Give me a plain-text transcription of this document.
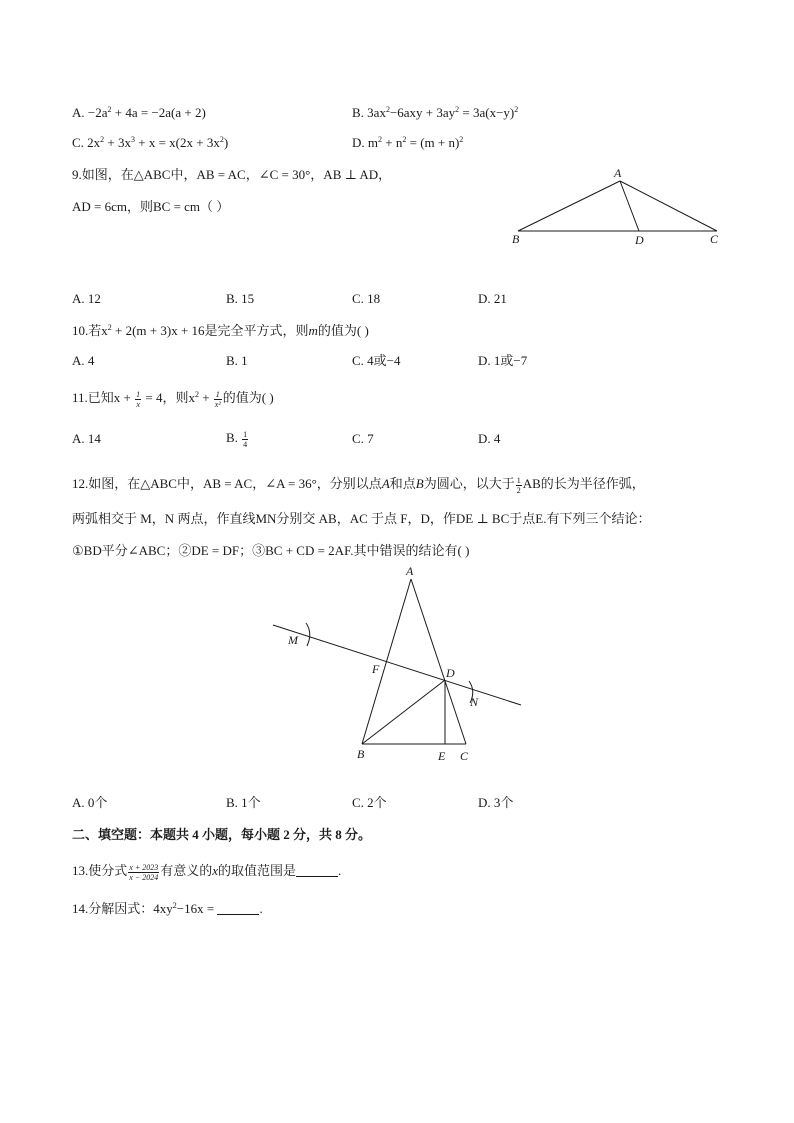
A. $-2a^2 + 4a = -2a(a + 2)$	B. $3ax^2-6axy + 3ay^2 = 3a(x-y)^2$
C. $2x^2 + 3x^3 + x = x(2x + 3x^2)$	D. $m^2 + n^2 = (m + n)^2$
9.如图，在△ABC中，AB = AC，∠C = 30°，AB ⊥ AD，
AD = 6cm，则BC = cm（ ）
A
B	D	C
A. 12	B. 15	C. 18	D. 21
10.若$x^2 + 2(m + 3)x + 16$是完全平方式，则m的值为( )
A. 4	B. 1	C. 4或−4	D. 1或−7
11.已知$x + \frac{1}{x} = 4$，则$x^2 + \frac{1}{\text{x²}}$ 的值为( )
A. 14	B. $\frac{1}{4}$	C. 7	D. 4
12.如图，在△ABC中，AB = AC，∠A = 36°，分别以点A和点B为圆心，以大于 $\frac{1}{2}$ AB的长为半径作弧，
两弧相交于 M，N 两点，作直线MN分别交 AB，AC 于点 F，D，作DE ⊥ BC于点E.有下列三个结论：
①BD平分∠ABC；②DE = DF；③BC + CD = 2AF.其中错误的结论有( )
A
M
F	D
N
B	E C
A. 0个	B. 1个	C. 2个	D. 3个
二、填空题：本题共 4 小题，每小题 2 分，共 8 分。
13.使分式 $\frac{x + 2023}{x - 2024}$ 有意义的x的取值范围是	.
14.分解因式：$4xy^2-16x$ =	.
